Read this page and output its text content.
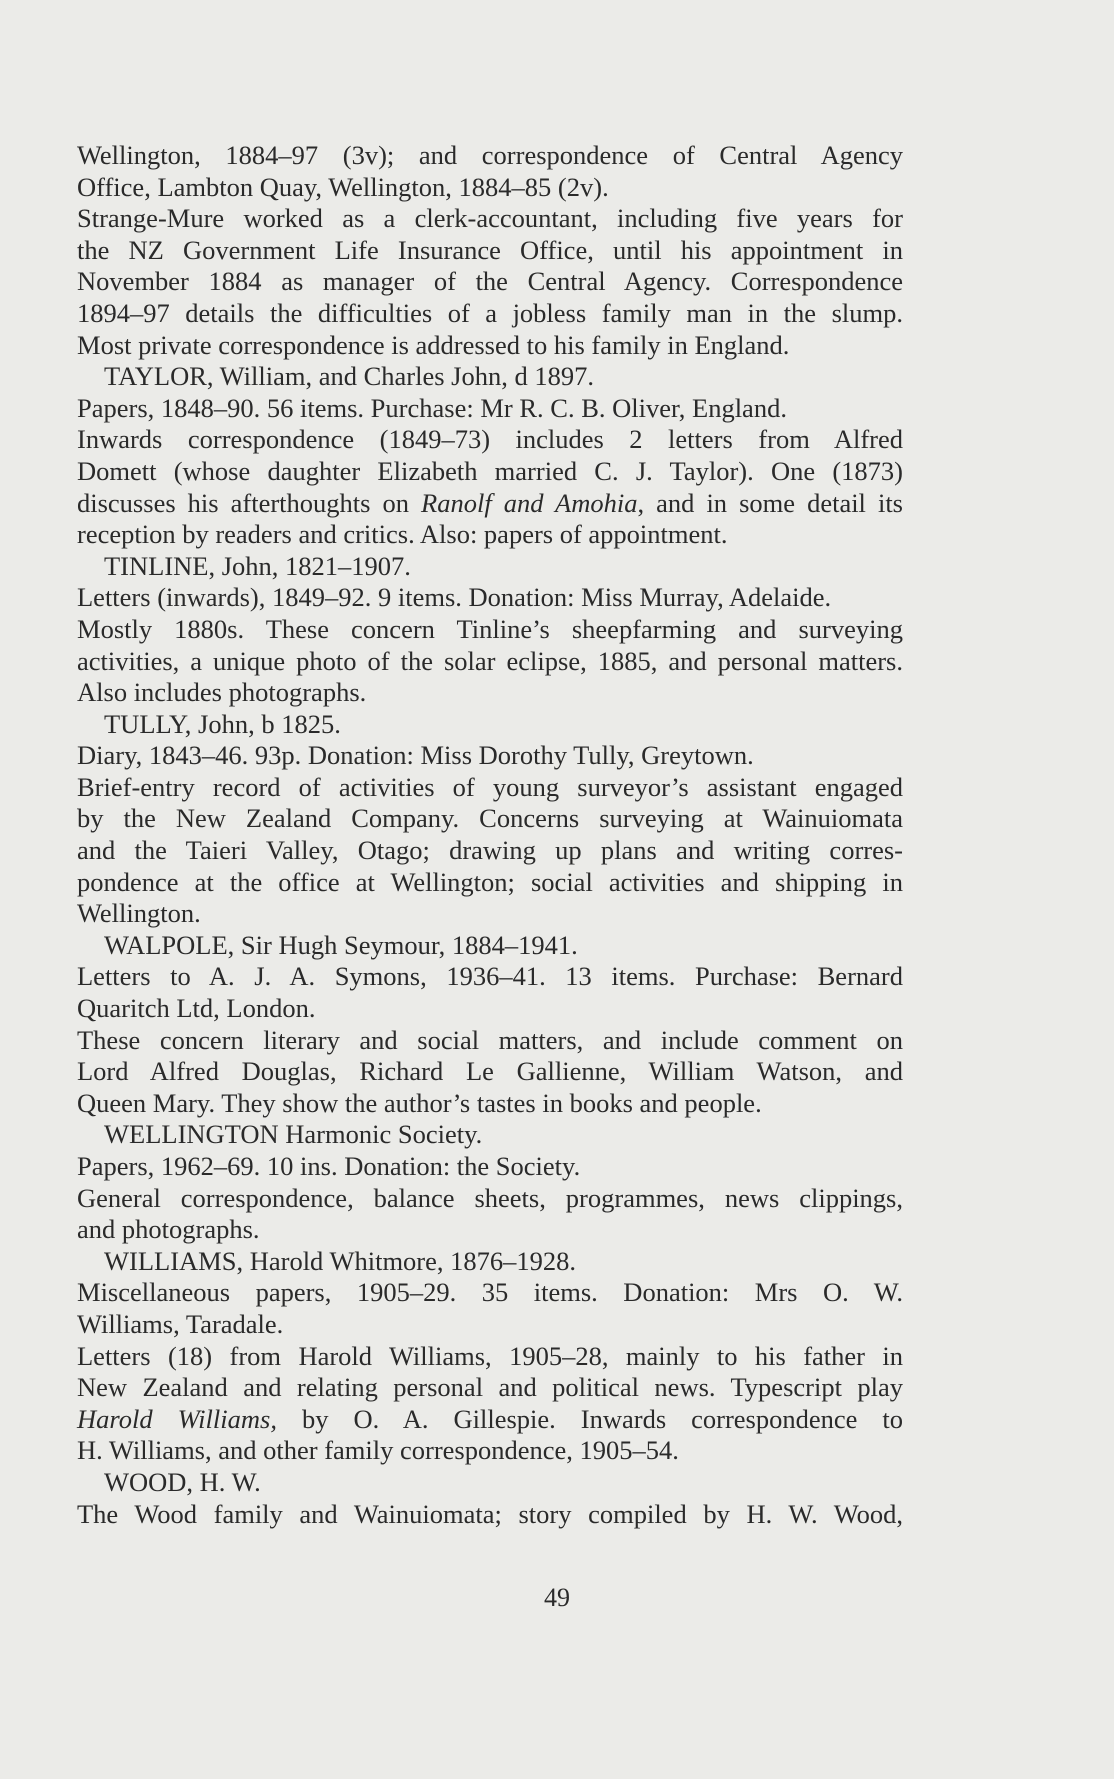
Wellington, 1884–97 (3v); and correspondence of Central Agency
Office, Lambton Quay, Wellington, 1884–85 (2v).
Strange-Mure worked as a clerk-accountant, including five years for
the NZ Government Life Insurance Office, until his appointment in
November 1884 as manager of the Central Agency. Correspondence
1894–97 details the difficulties of a jobless family man in the slump.
Most private correspondence is addressed to his family in England.
TAYLOR, William, and Charles John, d 1897.
Papers, 1848–90. 56 items. Purchase: Mr R. C. B. Oliver, England.
Inwards correspondence (1849–73) includes 2 letters from Alfred
Domett (whose daughter Elizabeth married C. J. Taylor). One (1873)
discusses his afterthoughts on Ranolf and Amohia, and in some detail its
reception by readers and critics. Also: papers of appointment.
TINLINE, John, 1821–1907.
Letters (inwards), 1849–92. 9 items. Donation: Miss Murray, Adelaide.
Mostly 1880s. These concern Tinline’s sheepfarming and surveying
activities, a unique photo of the solar eclipse, 1885, and personal matters.
Also includes photographs.
TULLY, John, b 1825.
Diary, 1843–46. 93p. Donation: Miss Dorothy Tully, Greytown.
Brief-entry record of activities of young surveyor’s assistant engaged
by the New Zealand Company. Concerns surveying at Wainuiomata
and the Taieri Valley, Otago; drawing up plans and writing corres-
pondence at the office at Wellington; social activities and shipping in
Wellington.
WALPOLE, Sir Hugh Seymour, 1884–1941.
Letters to A. J. A. Symons, 1936–41. 13 items. Purchase: Bernard
Quaritch Ltd, London.
These concern literary and social matters, and include comment on
Lord Alfred Douglas, Richard Le Gallienne, William Watson, and
Queen Mary. They show the author’s tastes in books and people.
WELLINGTON Harmonic Society.
Papers, 1962–69. 10 ins. Donation: the Society.
General correspondence, balance sheets, programmes, news clippings,
and photographs.
WILLIAMS, Harold Whitmore, 1876–1928.
Miscellaneous papers, 1905–29. 35 items. Donation: Mrs O. W.
Williams, Taradale.
Letters (18) from Harold Williams, 1905–28, mainly to his father in
New Zealand and relating personal and political news. Typescript play
Harold Williams, by O. A. Gillespie. Inwards correspondence to
H. Williams, and other family correspondence, 1905–54.
WOOD, H. W.
The Wood family and Wainuiomata; story compiled by H. W. Wood,
49
